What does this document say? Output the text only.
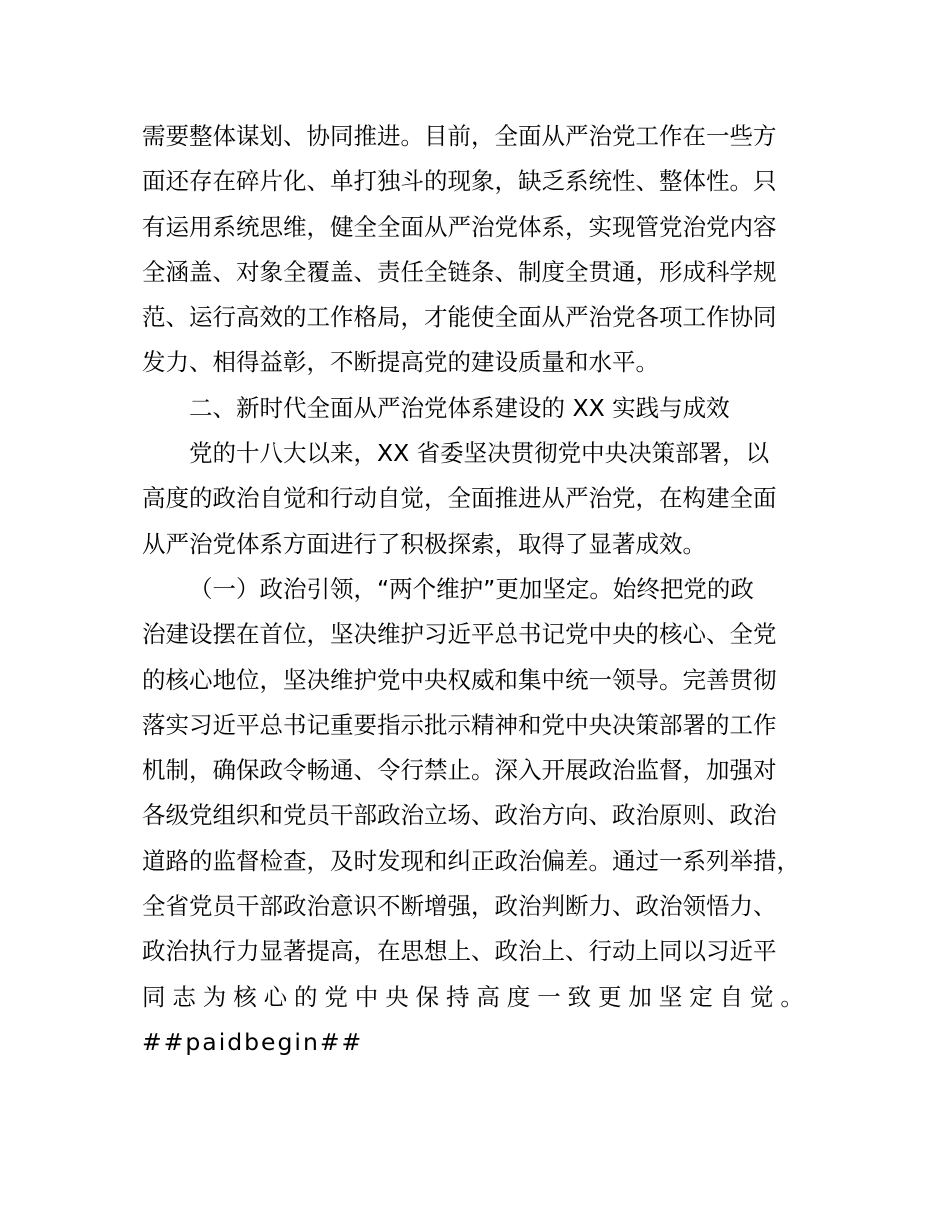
需要整体谋划、协同推进。目前，全面从严治党工作在一些方
面还存在碎片化、单打独斗的现象，缺乏系统性、整体性。只
有运用系统思维，健全全面从严治党体系，实现管党治党内容
全涵盖、对象全覆盖、责任全链条、制度全贯通，形成科学规
范、运行高效的工作格局，才能使全面从严治党各项工作协同
发力、相得益彰，不断提高党的建设质量和水平。
二、新时代全面从严治党体系建设的 XX 实践与成效
党的十八大以来，XX 省委坚决贯彻党中央决策部署，以
高度的政治自觉和行动自觉，全面推进从严治党，在构建全面
从严治党体系方面进行了积极探索，取得了显著成效。
（一）政治引领，“两个维护”更加坚定。始终把党的政
治建设摆在首位，坚决维护习近平总书记党中央的核心、全党
的核心地位，坚决维护党中央权威和集中统一领导。完善贯彻
落实习近平总书记重要指示批示精神和党中央决策部署的工作
机制，确保政令畅通、令行禁止。深入开展政治监督，加强对
各级党组织和党员干部政治立场、政治方向、政治原则、政治
道路的监督检查，及时发现和纠正政治偏差。通过一系列举措，
全省党员干部政治意识不断增强，政治判断力、政治领悟力、
政治执行力显著提高，在思想上、政治上、行动上同以习近平
同志为核心的党中央保持高度一致更加坚定自觉。
##paidbegin##
